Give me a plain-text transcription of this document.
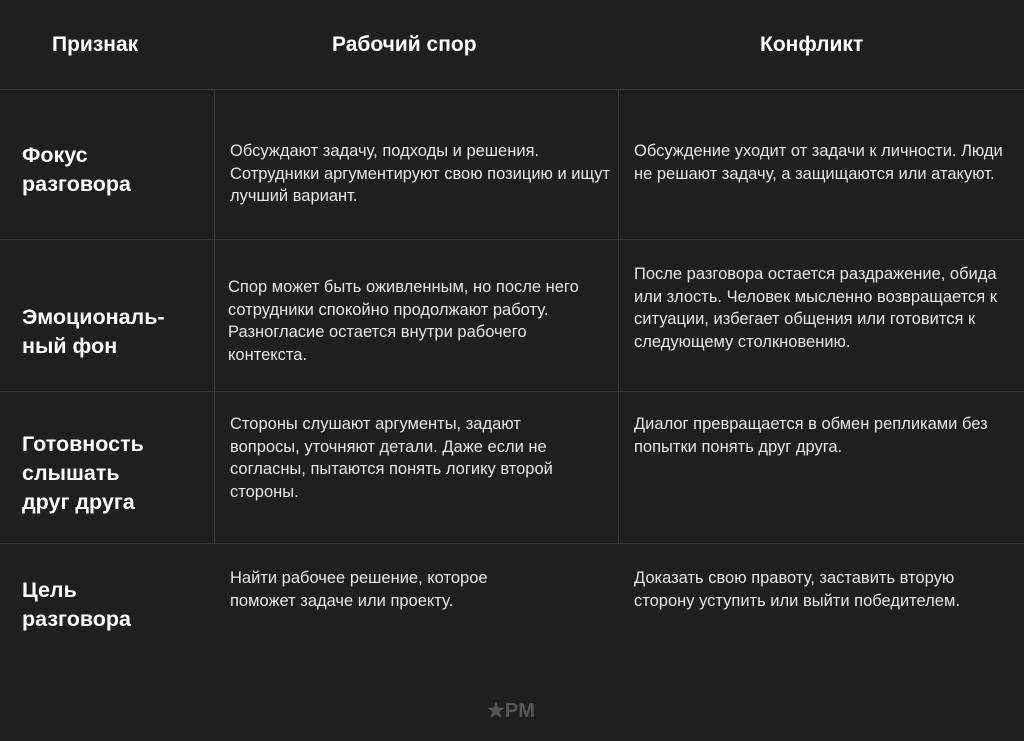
Признак	Рабочий спор	Конфликт
Фокус разговора
Обсуждают задачу, подходы и решения. Сотрудники аргументируют свою позицию и ищут лучший вариант.
Обсуждение уходит от задачи к личности. Люди не решают задачу, а защищаются или атакуют.
Эмоциональ-ный фон
Спор может быть оживленным, но после него сотрудники спокойно продолжают работу. Разногласие остается внутри рабочего контекста.
После разговора остается раздражение, обида или злость. Человек мысленно возвращается к ситуации, избегает общения или готовится к следующему столкновению.
Готовность слышать друг друга
Стороны слушают аргументы, задают вопросы, уточняют детали. Даже если не согласны, пытаются понять логику второй стороны.
Диалог превращается в обмен репликами без попытки понять друг друга.
Цель разговора
Найти рабочее решение, которое поможет задаче или проекту.
Доказать свою правоту, заставить вторую сторону уступить или выйти победителем.
★PM
